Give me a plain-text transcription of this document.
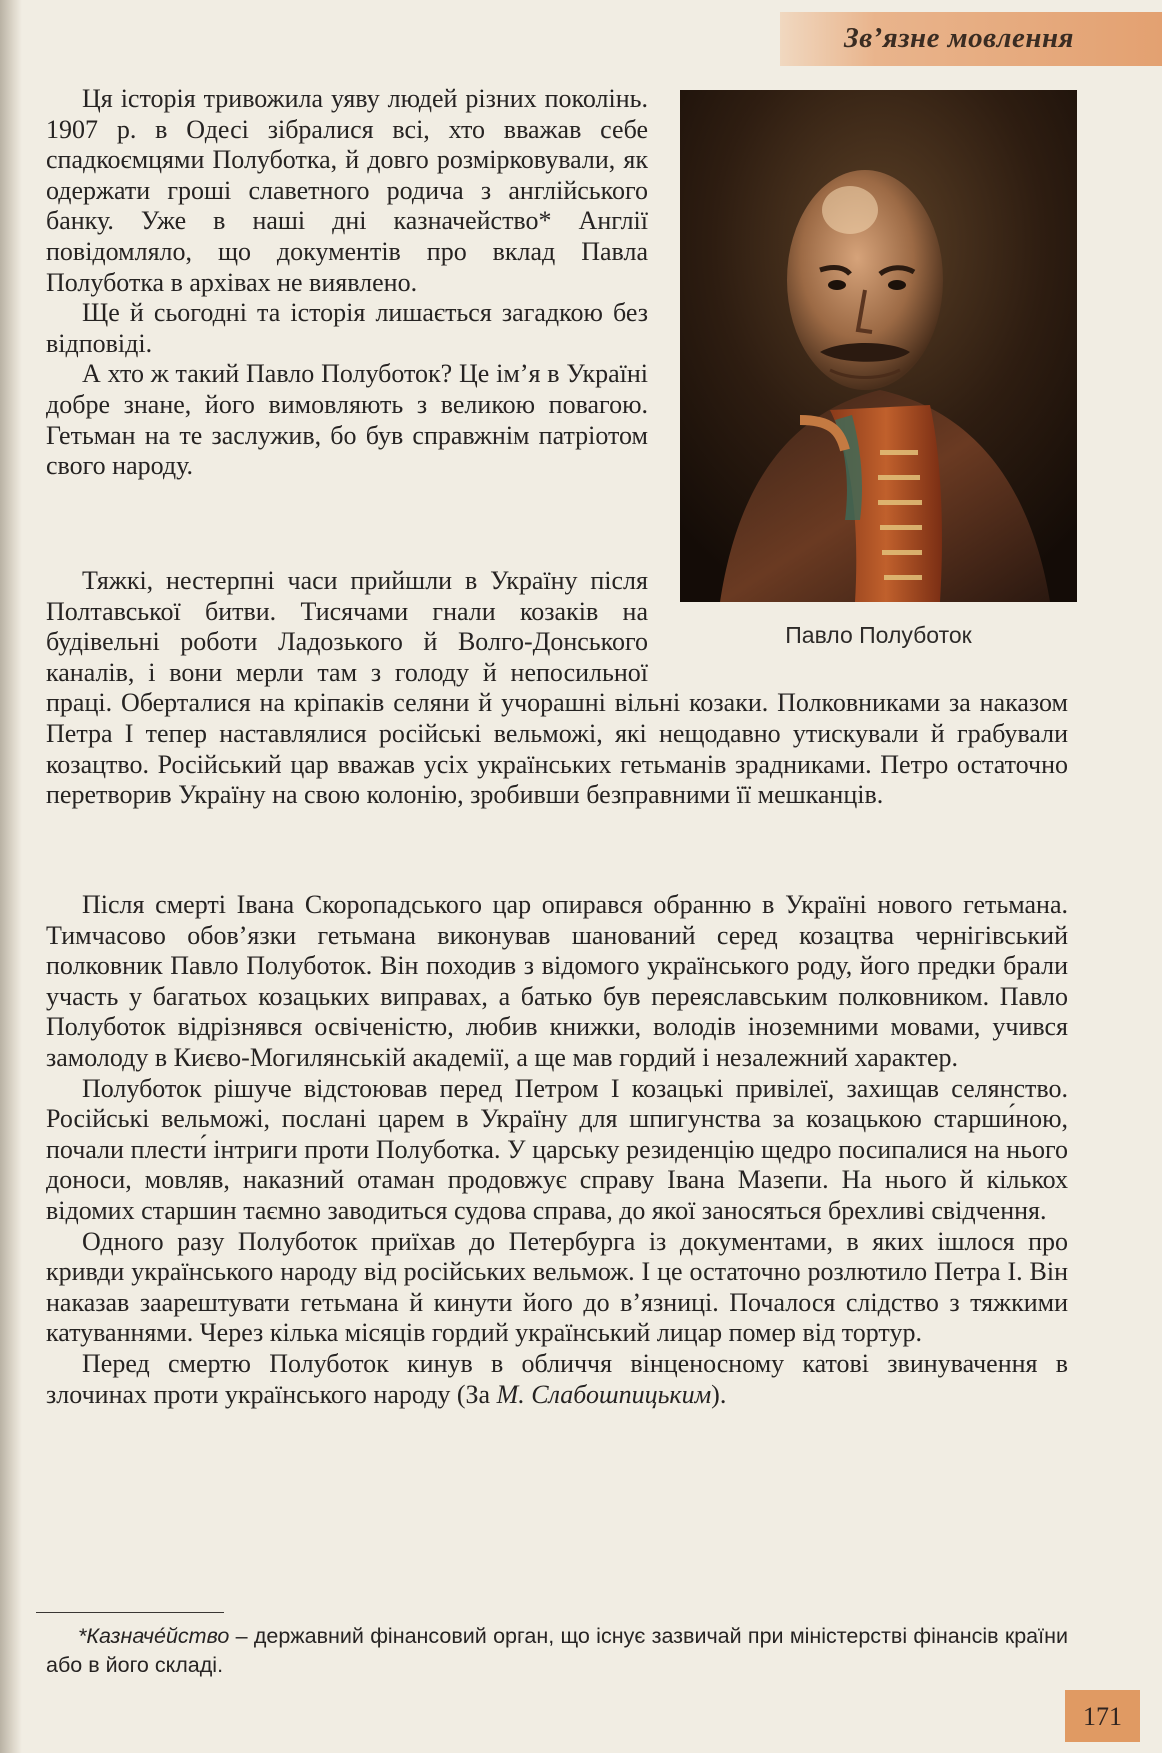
Зв’язне мовлення
Павло Полуботок

Ця історія тривожила уяву людей різних поколінь. 1907 р. в Одесі зібралися всі, хто вважав себе спадкоємцями Полуботка, й довго розмірковували, як одержати гроші славетного родича з англійського банку. Уже в наші дні казначейство* Англії повідомляло, що документів про вклад Павла Полуботка в архівах не виявлено.

Ще й сьогодні та історія лишається загадкою без відповіді.

А хто ж такий Павло Полуботок? Це ім’я в Україні добре знане, його вимовляють з великою повагою. Гетьман на те заслужив, бо був справжнім патріотом свого народу.

Тяжкі, нестерпні часи прийшли в Україну після Полтавської битви. Тисячами гнали козаків на будівельні роботи Ладозького й Волго-Донського каналів, і вони мерли там з голоду й непосильної праці. Оберталися на кріпаків селяни й учорашні вільні козаки. Полковниками за наказом Петра I тепер наставлялися російські вельможі, які нещодавно утискували й грабували козацтво. Російський цар вважав усіх українських гетьманів зрадниками. Петро остаточно перетворив Україну на свою колонію, зробивши безправними її мешканців.

Після смерті Івана Скоропадського цар опирався обранню в Україні нового гетьмана. Тимчасово обов’язки гетьмана виконував шанований серед козацтва чернігівський полковник Павло Полуботок. Він походив з відомого українського роду, його предки брали участь у багатьох козацьких виправах, а батько був переяславським полковником. Павло Полуботок відрізнявся освіченістю, любив книжки, володів іноземними мовами, учився замолоду в Києво-Могилянській академії, а ще мав гордий і незалежний характер.

Полуботок рішуче відстоював перед Петром I козацькі привілеї, захищав селянство. Російські вельможі, послані царем в Україну для шпигунства за козацькою старши́ною, почали плести́ інтриги проти Полуботка. У царську резиденцію щедро посипалися на нього доноси, мовляв, наказний отаман продовжує справу Івана Мазепи. На нього й кількох відомих старшин таємно заводиться судова справа, до якої заносяться брехливі свідчення.

Одного разу Полуботок приїхав до Петербурга із документами, в яких ішлося про кривди українського народу від російських вельмож. І це остаточно розлютило Петра I. Він наказав заарештувати гетьмана й кинути його до в’язниці. Почалося слідство з тяжкими катуваннями. Через кілька місяців гордий український лицар помер від тортур.

Перед смертю Полуботок кинув в обличчя вінценосному катові звинувачення в злочинах проти українського народу (За М. Слабошпицьким).

*Казначе́йство – державний фінансовий орган, що існує зазвичай при міністерстві фінансів країни або в його складі.

171
